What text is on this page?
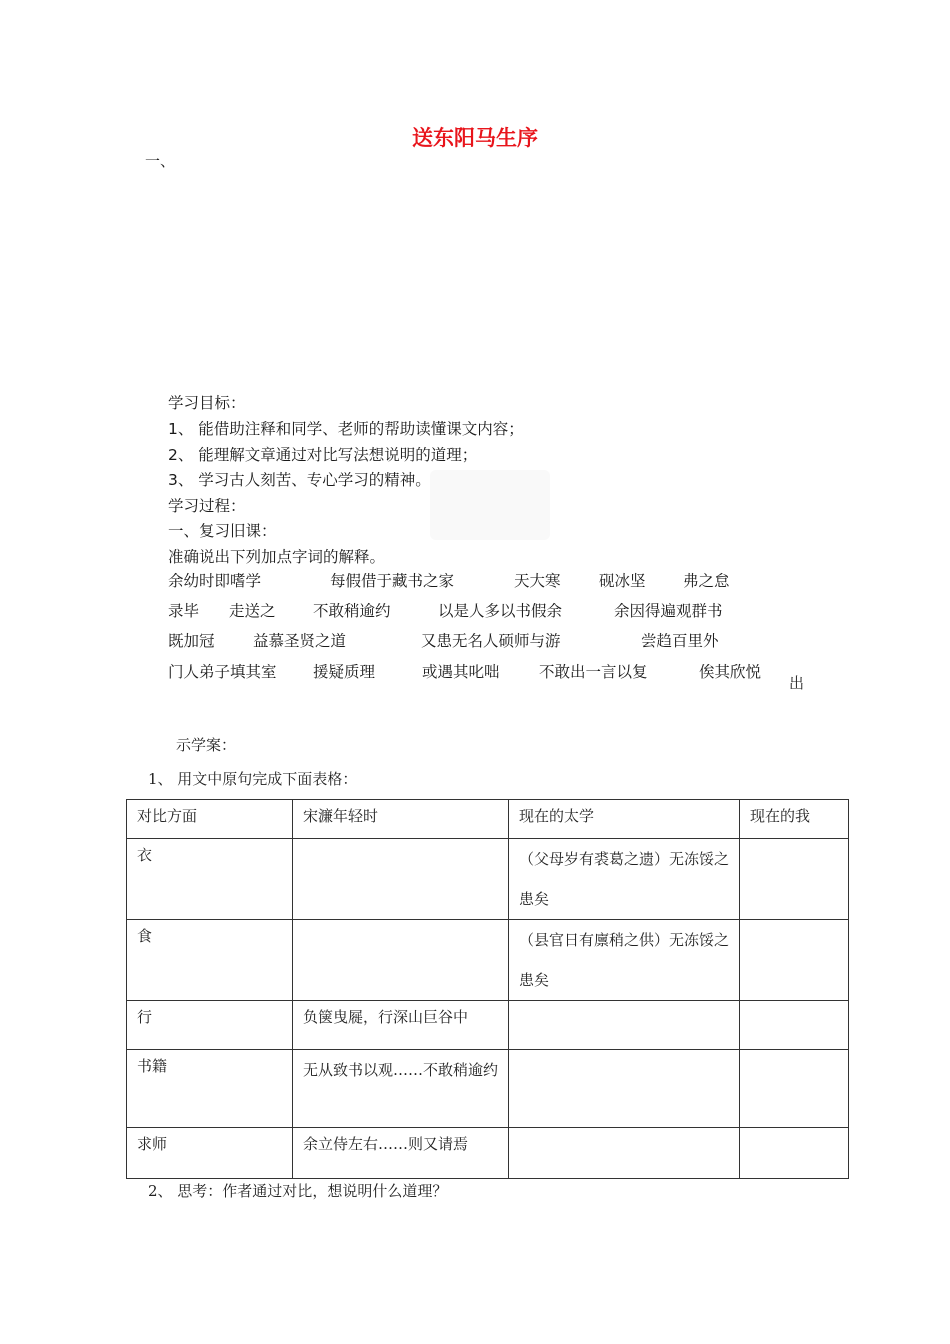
送东阳马生序
一、
学习目标：
1、 能借助注释和同学、老师的帮助读懂课文内容；
2、 能理解文章通过对比写法想说明的道理；
3、 学习古人刻苦、专心学习的精神。
学习过程：
一、复习旧课：
准确说出下列加点字词的解释。
余幼时即嗜学	每假借于藏书之家	天大寒 砚冰坚 弗之怠
录毕 走送之 不敢稍逾约	以是人多以书假余	余因得遍观群书
既加冠 益慕圣贤之道	又患无名人硕师与游	尝趋百里外
门人弟子填其室 援疑质理	或遇其叱咄	不敢出一言以复	俟其欣悦
出
示学案：
1、 用文中原句完成下面表格：
对比方面	宋濂年轻时	现在的太学	现在的我
衣		（父母岁有裘葛之遗）无冻馁之患矣	
食		（县官日有廪稍之供）无冻馁之患矣	
行	负箧曳屣，行深山巨谷中		
书籍	无从致书以观……不敢稍逾约		
求师	余立侍左右……则又请焉		
2、 思考：作者通过对比，想说明什么道理？
